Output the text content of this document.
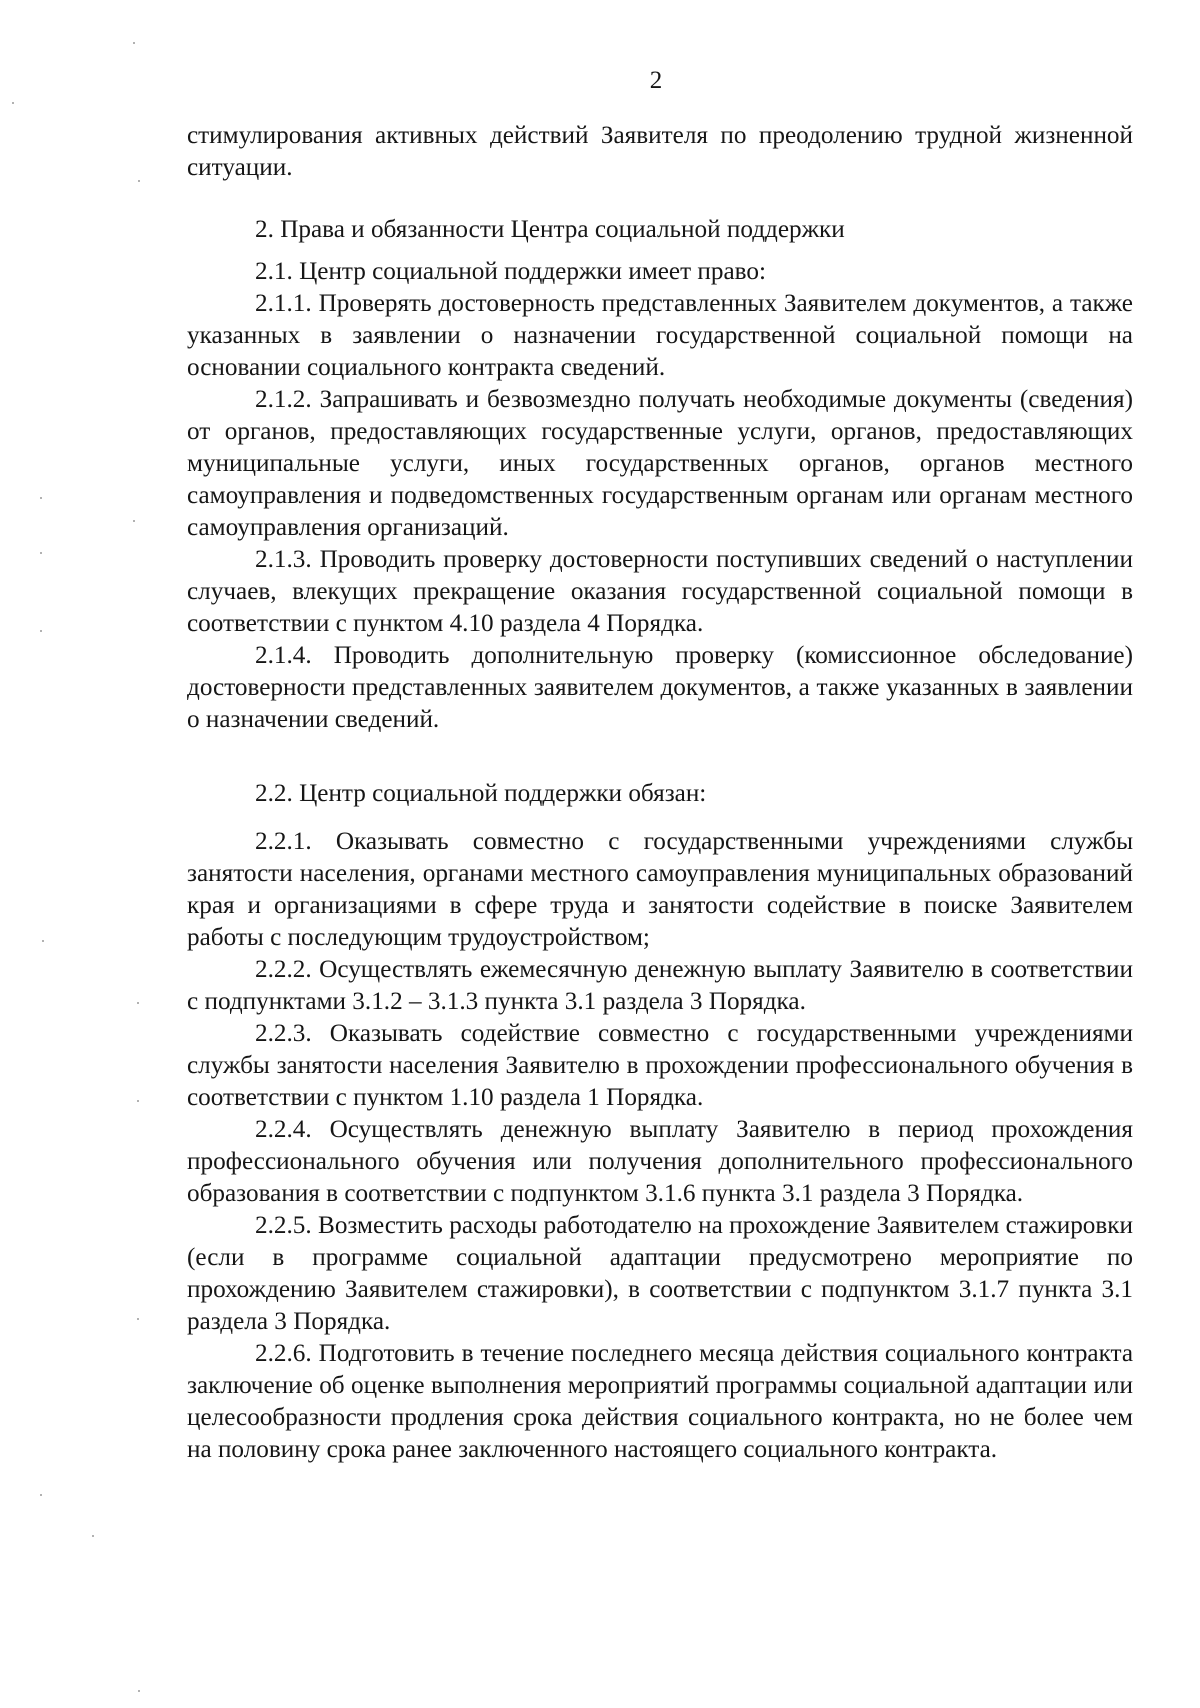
2

стимулирования активных действий Заявителя по преодолению трудной жизненной ситуации.

2. Права и обязанности Центра социальной поддержки

2.1. Центр социальной поддержки имеет право:

2.1.1. Проверять достоверность представленных Заявителем документов, а также указанных в заявлении о назначении государственной социальной помощи на основании социального контракта сведений.

2.1.2. Запрашивать и безвозмездно получать необходимые документы (сведения) от органов, предоставляющих государственные услуги, органов, предоставляющих муниципальные услуги, иных государственных органов, органов местного самоуправления и подведомственных государственным органам или органам местного самоуправления организаций.

2.1.3. Проводить проверку достоверности поступивших сведений о наступлении случаев, влекущих прекращение оказания государственной социальной помощи в соответствии с пунктом 4.10 раздела 4 Порядка.

2.1.4. Проводить дополнительную проверку (комиссионное обследование) достоверности представленных заявителем документов, а также указанных в заявлении о назначении сведений.

2.2. Центр социальной поддержки обязан:

2.2.1. Оказывать совместно с государственными учреждениями службы занятости населения, органами местного самоуправления муниципальных образований края и организациями в сфере труда и занятости содействие в поиске Заявителем работы с последующим трудоустройством;

2.2.2. Осуществлять ежемесячную денежную выплату Заявителю в соответствии с подпунктами 3.1.2 – 3.1.3 пункта 3.1 раздела 3 Порядка.

2.2.3. Оказывать содействие совместно с государственными учреждениями службы занятости населения Заявителю в прохождении профессионального обучения в соответствии с пунктом 1.10 раздела 1 Порядка.

2.2.4. Осуществлять денежную выплату Заявителю в период прохождения профессионального обучения или получения дополнительного профессионального образования в соответствии с подпунктом 3.1.6 пункта 3.1 раздела 3 Порядка.

2.2.5. Возместить расходы работодателю на прохождение Заявителем стажировки (если в программе социальной адаптации предусмотрено мероприятие по прохождению Заявителем стажировки), в соответствии с подпунктом 3.1.7 пункта 3.1 раздела 3 Порядка.

2.2.6. Подготовить в течение последнего месяца действия социального контракта заключение об оценке выполнения мероприятий программы социальной адаптации или целесообразности продления срока действия социального контракта, но не более чем на половину срока ранее заключенного настоящего социального контракта.
